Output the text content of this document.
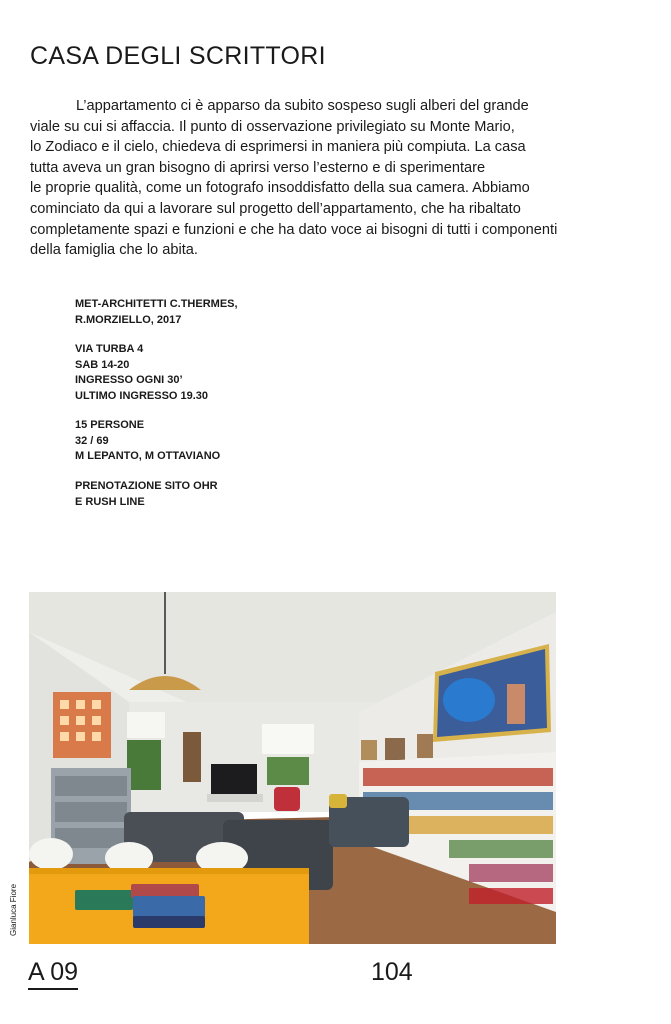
CASA DEGLI SCRITTORI
L’appartamento ci è apparso da subito sospeso sugli alberi del grande
viale su cui si affaccia. Il punto di osservazione privilegiato su Monte Mario,
lo Zodiaco e il cielo, chiedeva di esprimersi in maniera più compiuta. La casa
tutta aveva un gran bisogno di aprirsi verso l’esterno e di sperimentare
le proprie qualità, come un fotografo insoddisfatto della sua camera. Abbiamo
cominciato da qui a lavorare sul progetto dell’appartamento, che ha ribaltato
completamente spazi e funzioni e che ha dato voce ai bisogni di tutti i componenti
della famiglia che lo abita.
MET-ARCHITETTI C.THERMES,
R.MORZIELLO, 2017
VIA TURBA 4
SAB 14-20
INGRESSO OGNI 30’
ULTIMO INGRESSO 19.30
15 PERSONE
32 / 69
M LEPANTO, M OTTAVIANO
PRENOTAZIONE SITO OHR
E RUSH LINE
Gianluca Fiore
A 09	104
